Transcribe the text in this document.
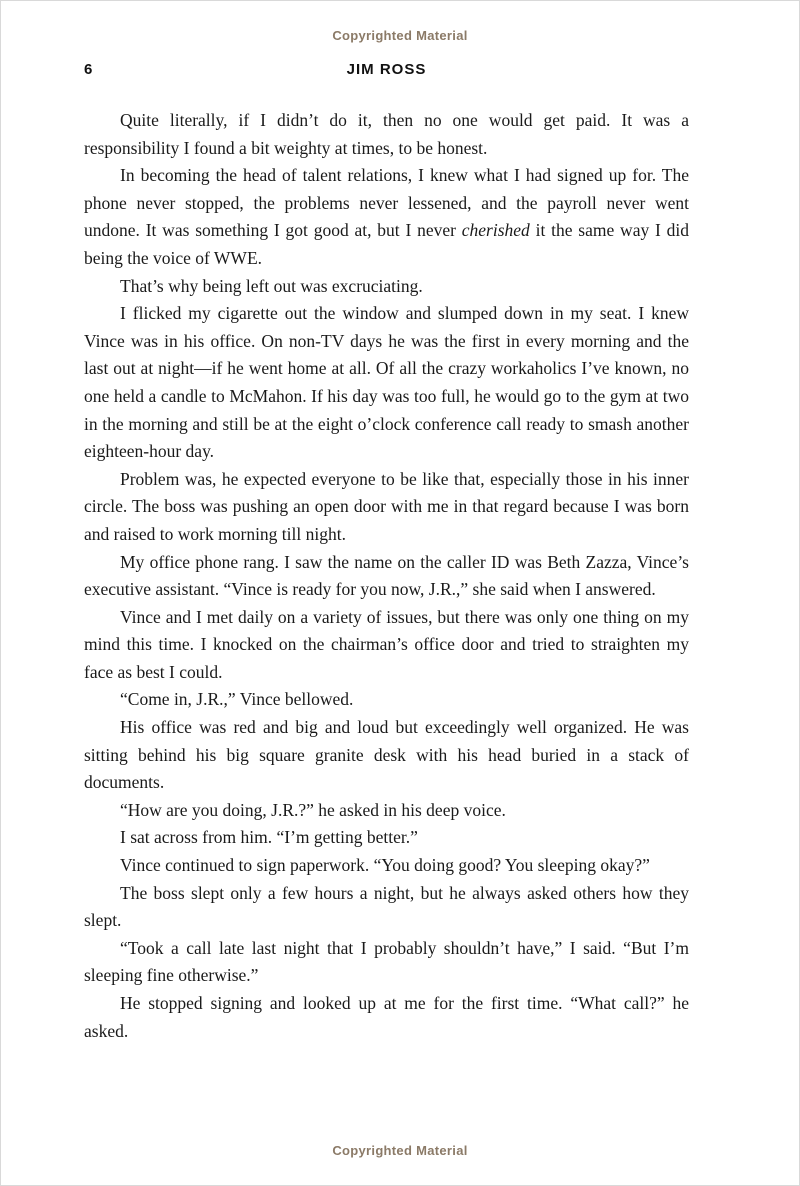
Copyrighted Material
6	JIM ROSS

Quite literally, if I didn’t do it, then no one would get paid. It was a responsibility I found a bit weighty at times, to be honest.

In becoming the head of talent relations, I knew what I had signed up for. The phone never stopped, the problems never lessened, and the payroll never went undone. It was something I got good at, but I never cherished it the same way I did being the voice of WWE.

That’s why being left out was excruciating.

I flicked my cigarette out the window and slumped down in my seat. I knew Vince was in his office. On non-TV days he was the first in every morning and the last out at night—if he went home at all. Of all the crazy workaholics I’ve known, no one held a candle to McMahon. If his day was too full, he would go to the gym at two in the morning and still be at the eight o’clock conference call ready to smash another eighteen-hour day.

Problem was, he expected everyone to be like that, especially those in his inner circle. The boss was pushing an open door with me in that regard because I was born and raised to work morning till night.

My office phone rang. I saw the name on the caller ID was Beth Zazza, Vince’s executive assistant. “Vince is ready for you now, J.R.,” she said when I answered.

Vince and I met daily on a variety of issues, but there was only one thing on my mind this time. I knocked on the chairman’s office door and tried to straighten my face as best I could.

“Come in, J.R.,” Vince bellowed.

His office was red and big and loud but exceedingly well organized. He was sitting behind his big square granite desk with his head buried in a stack of documents.

“How are you doing, J.R.?” he asked in his deep voice.

I sat across from him. “I’m getting better.”

Vince continued to sign paperwork. “You doing good? You sleeping okay?”

The boss slept only a few hours a night, but he always asked others how they slept.

“Took a call late last night that I probably shouldn’t have,” I said. “But I’m sleeping fine otherwise.”

He stopped signing and looked up at me for the first time. “What call?” he asked.

Copyrighted Material
